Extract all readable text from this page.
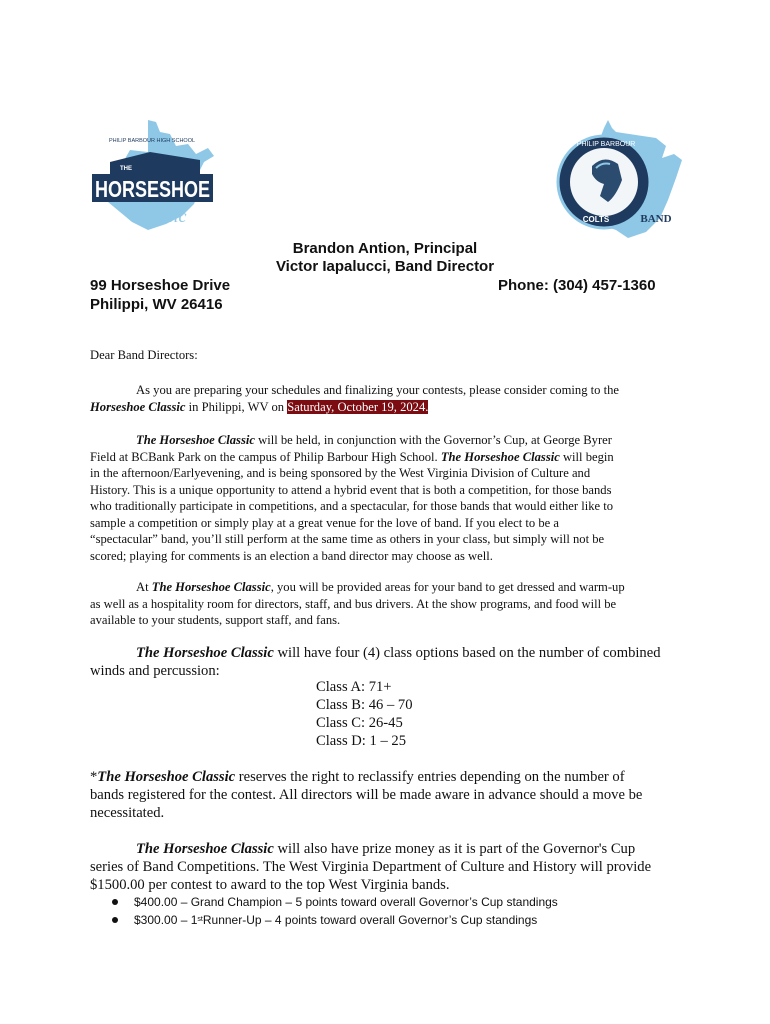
PHILIP BARBOUR HIGH SCHOOL
THE
HORSESHOE
Classic
PHILIP BARBOUR
COLTS	BAND
Brandon Antion, Principal
Victor Iapalucci, Band Director
99 Horseshoe Drive
Philippi, WV 26416
Phone: (304) 457-1360
Dear Band Directors:

As you are preparing your schedules and finalizing your contests, please consider coming to the

Horseshoe Classic in Philippi, WV on Saturday, October 19, 2024.

The Horseshoe Classic will be held, in conjunction with the Governor’s Cup, at George Byrer

Field at BCBank Park on the campus of Philip Barbour High School. The Horseshoe Classic will begin

in the afternoon/Earlyevening, and is being sponsored by the West Virginia Division of Culture and

History. This is a unique opportunity to attend a hybrid event that is both a competition, for those bands

who traditionally participate in competitions, and a spectacular, for those bands that would either like to

sample a competition or simply play at a great venue for the love of band. If you elect to be a

“spectacular” band, you’ll still perform at the same time as others in your class, but simply will not be

scored; playing for comments is an election a band director may choose as well.

At The Horseshoe Classic, you will be provided areas for your band to get dressed and warm-up

as well as a hospitality room for directors, staff, and bus drivers. At the show programs, and food will be

available to your students, support staff, and fans.

The Horseshoe Classic will have four (4) class options based on the number of combined

winds and percussion:

Class A: 71+

Class B: 46 – 70

Class C: 26-45

Class D: 1 – 25

*The Horseshoe Classic reserves the right to reclassify entries depending on the number of

bands registered for the contest. All directors will be made aware in advance should a move be

necessitated.

The Horseshoe Classic will also have prize money as it is part of the Governor's Cup

series of Band Competitions. The West Virginia Department of Culture and History will provide

$1500.00 per contest to award to the top West Virginia bands.

$400.00 – Grand Champion – 5 points toward overall Governor’s Cup standings
$300.00 – 1 st Runner-Up – 4 points toward overall Governor’s Cup standings
